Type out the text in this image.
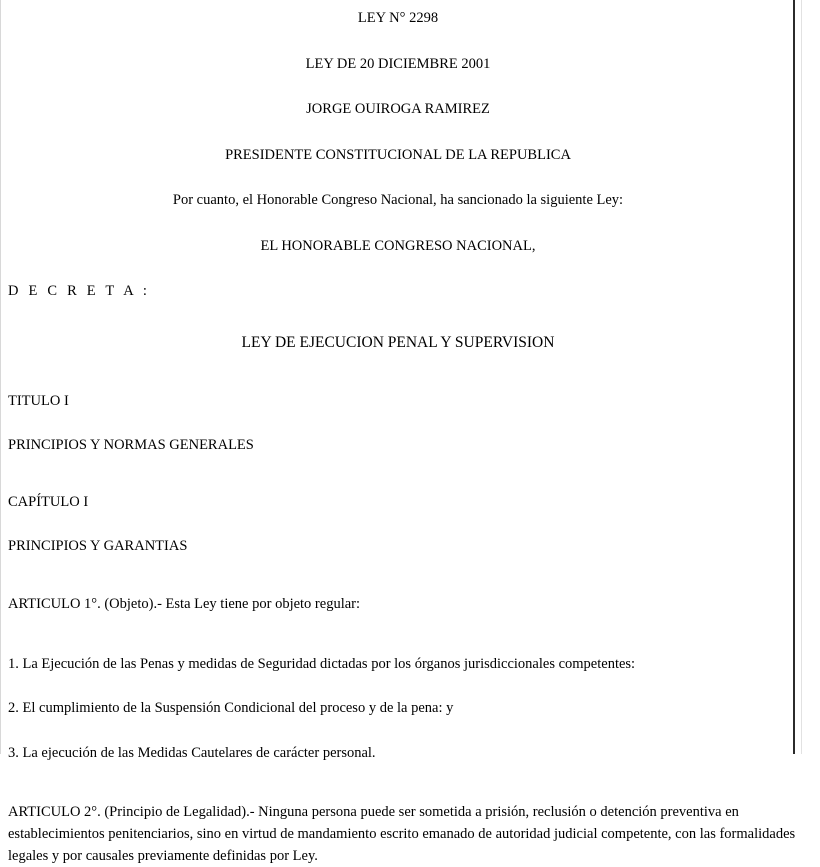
LEY N° 2298
LEY DE 20 DICIEMBRE 2001
JORGE OUIROGA RAMIREZ
PRESIDENTE CONSTITUCIONAL DE LA REPUBLICA
Por cuanto, el Honorable Congreso Nacional, ha sancionado la siguiente Ley:
EL HONORABLE CONGRESO NACIONAL,
D E C R E T A :
LEY DE EJECUCION PENAL Y SUPERVISION
TITULO I
PRINCIPIOS Y NORMAS GENERALES
CAPÍTULO I
PRINCIPIOS Y GARANTIAS
ARTICULO 1°. (Objeto).- Esta Ley tiene por objeto regular:
1. La Ejecución de las Penas y medidas de Seguridad dictadas por los órganos jurisdiccionales competentes:
2. El cumplimiento de la Suspensión Condicional del proceso y de la pena: y
3. La ejecución de las Medidas Cautelares de carácter personal.
ARTICULO 2°. (Principio de Legalidad).- Ninguna persona puede ser sometida a prisión, reclusión o detención preventiva en establecimientos penitenciarios, sino en virtud de mandamiento escrito emanado de autoridad judicial competente, con las formalidades legales y por causales previamente definidas por Ley.
